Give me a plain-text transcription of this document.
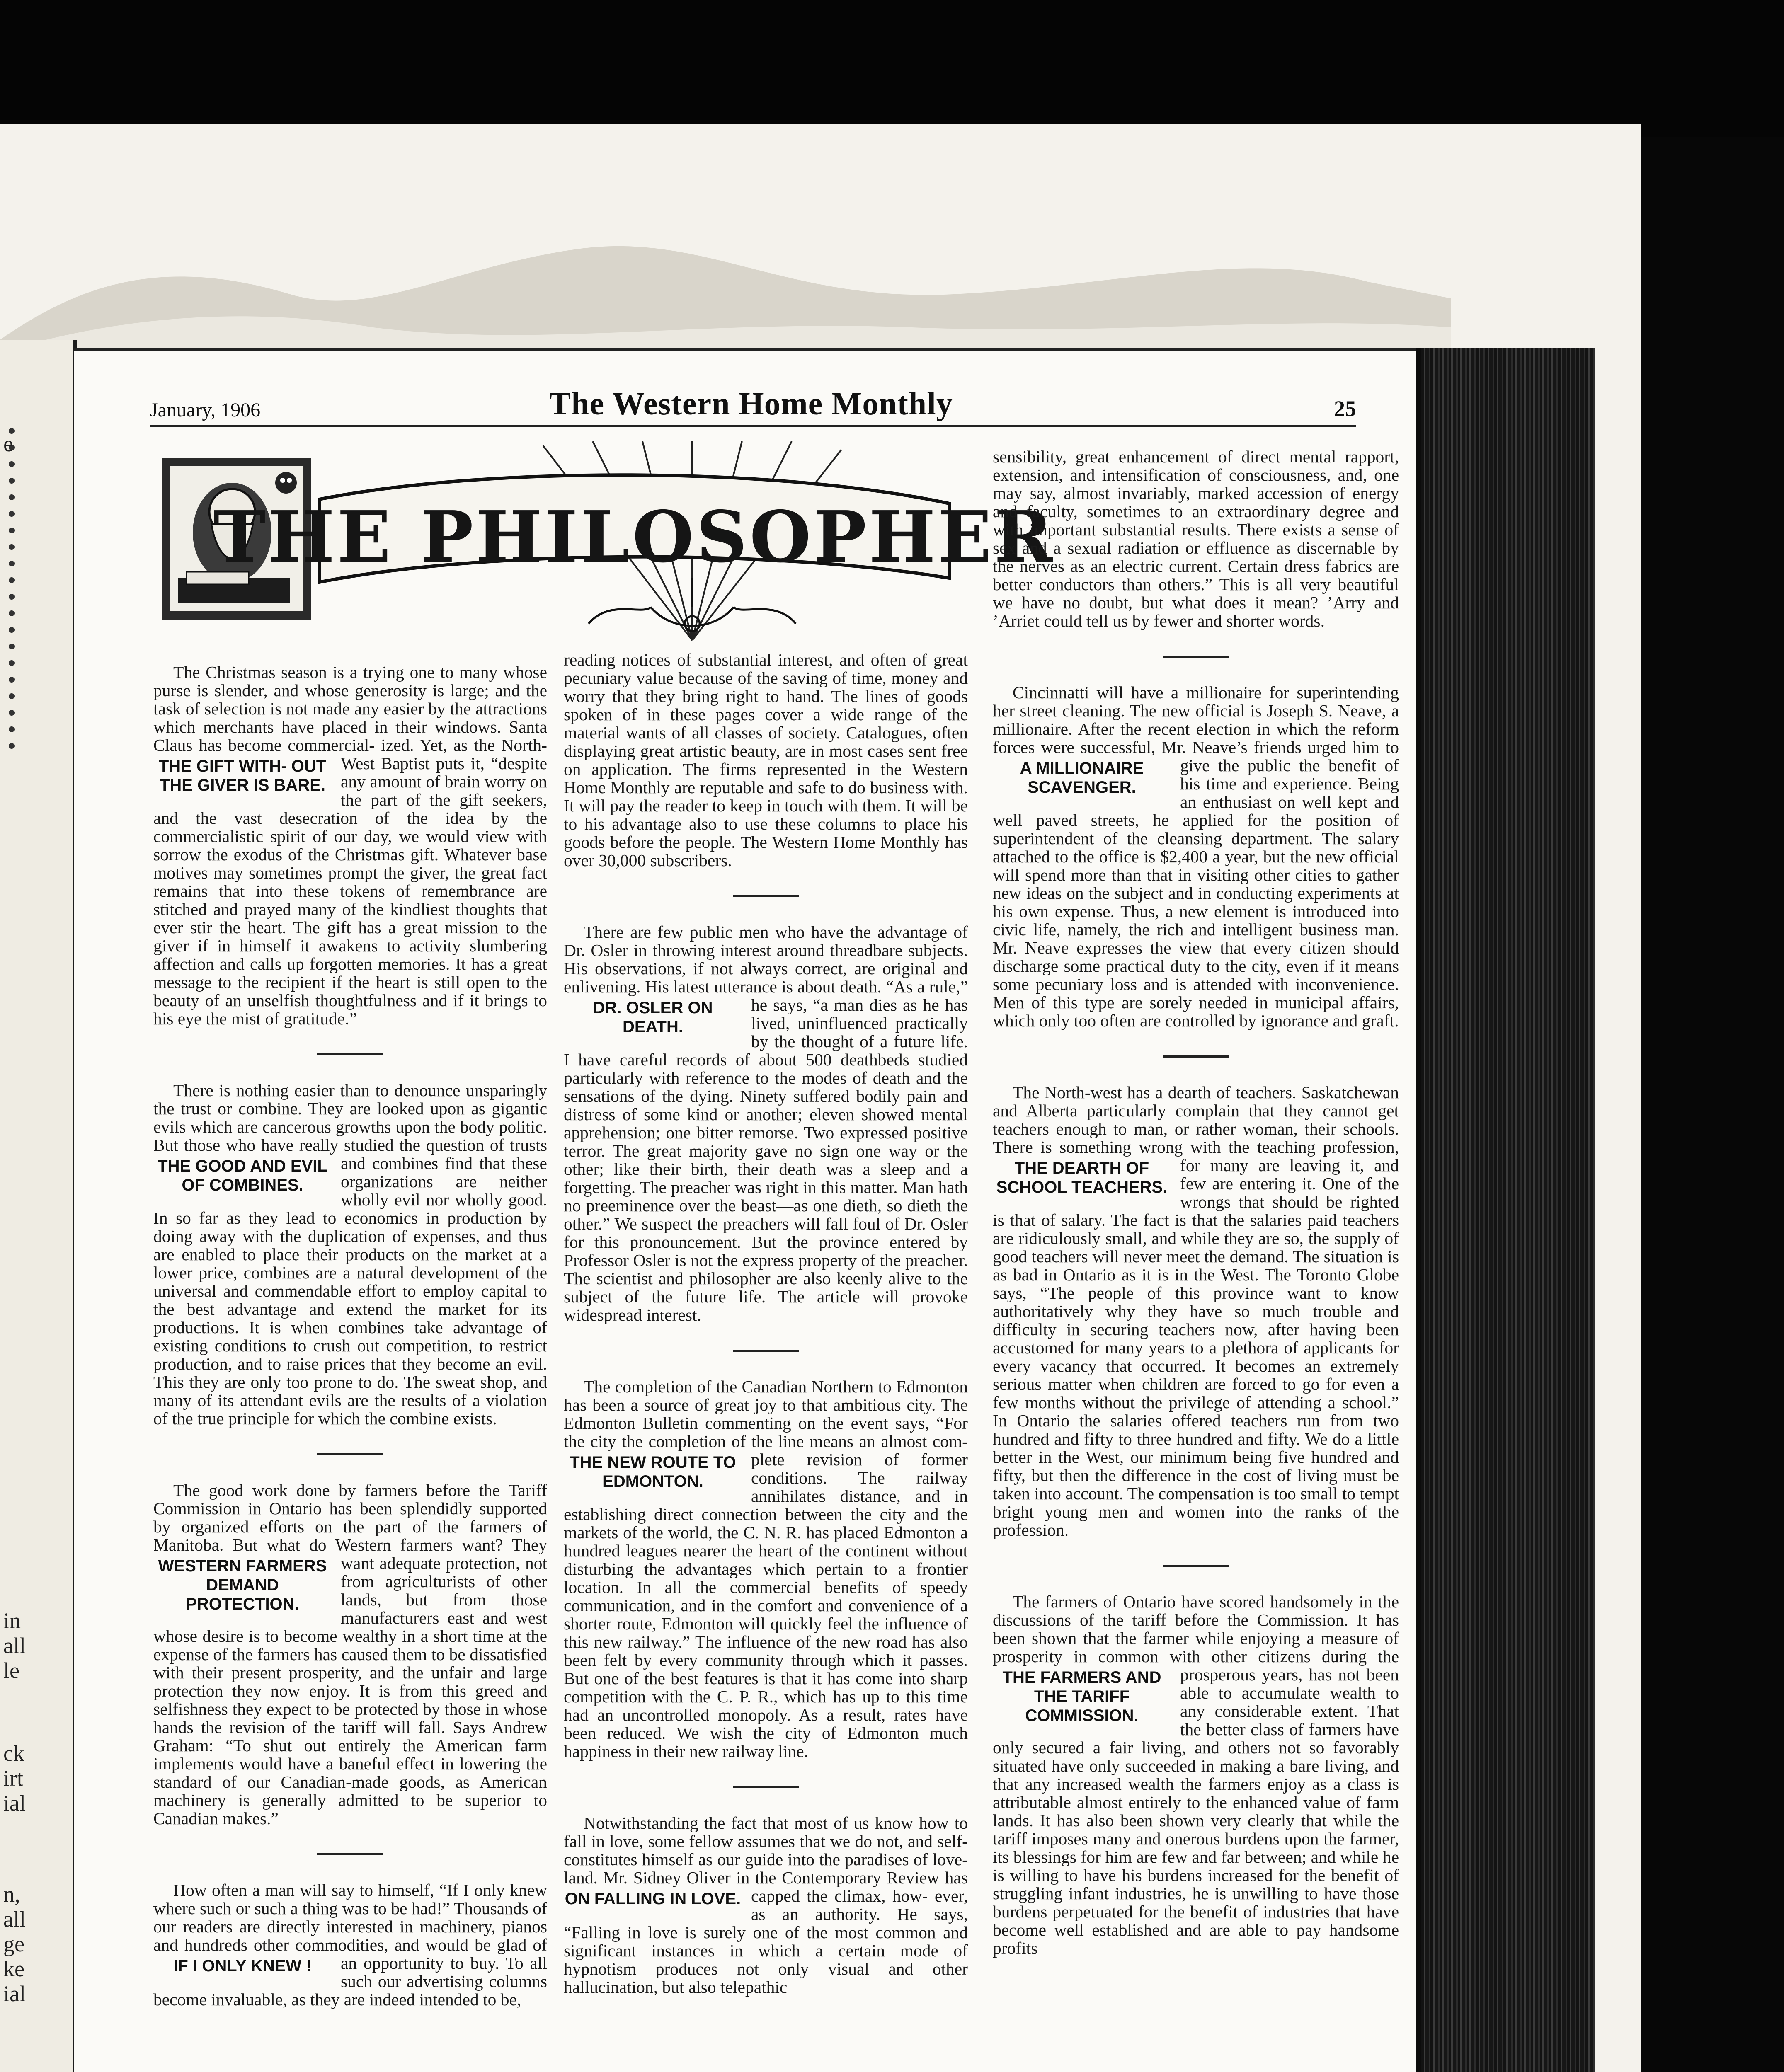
e
in
all
le
ck
irt
ial
n,
all
ge
ke
ial
January, 1906	The Western Home Monthly	25
THE PHILOSOPHER

The Christmas season is a trying one to many whose purse is slender, and whose generosity is large; and the task of selection is not made any easier by the attractions which merchants have placed in their windows. Santa Claus has become commercial-
THE GIFT WITH- OUT THE GIVER IS BARE.
ized. Yet, as the North-West Baptist puts it, “despite any amount of brain worry on the part of the gift seekers, and the vast desecration of the idea by the commercialistic spirit of our day, we would view with sorrow the exodus of the Christmas gift. Whatever base motives may sometimes prompt the giver, the great fact remains that into these tokens of remembrance are stitched and prayed many of the kindliest thoughts that ever stir the heart. The gift has a great mission to the giver if in himself it awakens to activity slumbering affection and calls up forgotten memories. It has a great message to the recipient if the heart is still open to the beauty of an unselfish thoughtfulness and if it brings to his eye the mist of gratitude.”

There is nothing easier than to denounce unsparingly the trust or combine. They are looked upon as gigantic evils which are cancerous growths upon the body politic. But those who have really studied the question of trusts and combines find that
THE GOOD AND EVIL OF COMBINES.
these organizations are neither wholly evil nor wholly good. In so far as they lead to economics in production by doing away with the duplication of expenses, and thus are enabled to place their products on the market at a lower price, combines are a natural development of the universal and commendable effort to employ capital to the best advantage and extend the market for its productions. It is when combines take advantage of existing conditions to crush out competition, to restrict production, and to raise prices that they become an evil. This they are only too prone to do. The sweat shop, and many of its attendant evils are the results of a violation of the true principle for which the combine exists.

The good work done by farmers before the Tariff Commission in Ontario has been splendidly supported by organized efforts on the part of the farmers of Manitoba. But what do Western farmers want? They want adequate protection, not
WESTERN FARMERS DEMAND PROTECTION.
from agriculturists of other lands, but from those manufacturers east and west whose desire is to become wealthy in a short time at the expense of the farmers has caused them to be dissatisfied with their present prosperity, and the unfair and large protection they now enjoy. It is from this greed and selfishness they expect to be protected by those in whose hands the revision of the tariff will fall. Says Andrew Graham: “To shut out entirely the American farm implements would have a baneful effect in lowering the standard of our Canadian-made goods, as American machinery is generally admitted to be superior to Canadian makes.”

How often a man will say to himself, “If I only knew where such or such a thing was to be had!” Thousands of our readers are directly interested in machinery, pianos and hundreds other commodities, and would be glad of an opportunity to buy.
IF I ONLY KNEW !	To all such our advertising columns become invaluable, as they are indeed intended to be,

reading notices of substantial interest, and often of great pecuniary value because of the saving of time, money and worry that they bring right to hand. The lines of goods spoken of in these pages cover a wide range of the material wants of all classes of society. Catalogues, often displaying great artistic beauty, are in most cases sent free on application. The firms represented in the Western Home Monthly are reputable and safe to do business with. It will pay the reader to keep in touch with them. It will be to his advantage also to use these columns to place his goods before the people. The Western Home Monthly has over 30,000 subscribers.

There are few public men who have the advantage of Dr. Osler in throwing interest around threadbare subjects. His observations, if not always correct, are original and enlivening. His latest utterance is about death. “As a rule,” he says, “a man
DR. OSLER ON DEATH.
dies as he has lived, uninfluenced practically by the thought of a future life. I have careful records of about 500 deathbeds studied particularly with reference to the modes of death and the sensations of the dying. Ninety suffered bodily pain and distress of some kind or another; eleven showed mental apprehension; one bitter remorse. Two expressed positive terror. The great majority gave no sign one way or the other; like their birth, their death was a sleep and a forgetting. The preacher was right in this matter. Man hath no preeminence over the beast—as one dieth, so dieth the other.” We suspect the preachers will fall foul of Dr. Osler for this pronouncement. But the province entered by Professor Osler is not the express property of the preacher. The scientist and philosopher are also keenly alive to the subject of the future life. The article will provoke widespread interest.

The completion of the Canadian Northern to Edmonton has been a source of great joy to that ambitious city. The Edmonton Bulletin commenting on the event says, “For the city the completion of the line means an almost com-
THE NEW ROUTE TO EDMONTON.
plete revision of former conditions. The railway annihilates distance, and in establishing direct connection between the city and the markets of the world, the C. N. R. has placed Edmonton a hundred leagues nearer the heart of the continent without disturbing the advantages which pertain to a frontier location. In all the commercial benefits of speedy communication, and in the comfort and convenience of a shorter route, Edmonton will quickly feel the influence of this new railway.” The influence of the new road has also been felt by every community through which it passes. But one of the best features is that it has come into sharp competition with the C. P. R., which has up to this time had an uncontrolled monopoly. As a result, rates have been reduced. We wish the city of Edmonton much happiness in their new railway line.

Notwithstanding the fact that most of us know how to fall in love, some fellow assumes that we do not, and self-constitutes himself as our guide into the paradises of love-land. Mr. Sidney Oliver in the Contemporary Review has capped the climax, how-
ON FALLING IN LOVE.	ever, as an authority. He says, “Falling in love is surely one of the most common and significant instances in which a certain mode of hypnotism produces not only visual and other hallucination, but also telepathic

sensibility, great enhancement of direct mental rapport, extension, and intensification of consciousness, and, one may say, almost invariably, marked accession of energy and faculty, sometimes to an extraordinary degree and with important substantial results. There exists a sense of sex and a sexual radiation or effluence as discernable by the nerves as an electric current. Certain dress fabrics are better conductors than others.” This is all very beautiful we have no doubt, but what does it mean? ’Arry and ’Arriet could tell us by fewer and shorter words.

Cincinnatti will have a millionaire for superintending her street cleaning. The new official is Joseph S. Neave, a millionaire. After the recent election in which the reform forces were successful, Mr. Neave’s friends urged him to give the public the
A MILLIONAIRE SCAVENGER.
benefit of his time and experience. Being an enthusiast on well kept and well paved streets, he applied for the position of superintendent of the cleansing department. The salary attached to the office is $2,400 a year, but the new official will spend more than that in visiting other cities to gather new ideas on the subject and in conducting experiments at his own expense. Thus, a new element is introduced into civic life, namely, the rich and intelligent business man. Mr. Neave expresses the view that every citizen should discharge some practical duty to the city, even if it means some pecuniary loss and is attended with inconvenience. Men of this type are sorely needed in municipal affairs, which only too often are controlled by ignorance and graft.

The North-west has a dearth of teachers. Saskatchewan and Alberta particularly complain that they cannot get teachers enough to man, or rather woman, their schools. There is something wrong with the teaching profession, for many are leaving
THE DEARTH OF SCHOOL TEACHERS.
it, and few are entering it. One of the wrongs that should be righted is that of salary. The fact is that the salaries paid teachers are ridiculously small, and while they are so, the supply of good teachers will never meet the demand. The situation is as bad in Ontario as it is in the West. The Toronto Globe says, “The people of this province want to know authoritatively why they have so much trouble and difficulty in securing teachers now, after having been accustomed for many years to a plethora of applicants for every vacancy that occurred. It becomes an extremely serious matter when children are forced to go for even a few months without the privilege of attending a school.” In Ontario the salaries offered teachers run from two hundred and fifty to three hundred and fifty. We do a little better in the West, our minimum being five hundred and fifty, but then the difference in the cost of living must be taken into account. The compensation is too small to tempt bright young men and women into the ranks of the profession.

The farmers of Ontario have scored handsomely in the discussions of the tariff before the Commission. It has been shown that the farmer while enjoying a measure of prosperity in common with other citizens during the prosperous years, has not
THE FARMERS AND THE TARIFF COMMISSION.
been able to accumulate wealth to any considerable extent. That the better class of farmers have only secured a fair living, and others not so favorably situated have only succeeded in making a bare living, and that any increased wealth the farmers enjoy as a class is attributable almost entirely to the enhanced value of farm lands. It has also been shown very clearly that while the tariff imposes many and onerous burdens upon the farmer, its blessings for him are few and far between; and while he is willing to have his burdens increased for the benefit of struggling infant industries, he is unwilling to have those burdens perpetuated for the benefit of industries that have become well established and are able to pay handsome profits
